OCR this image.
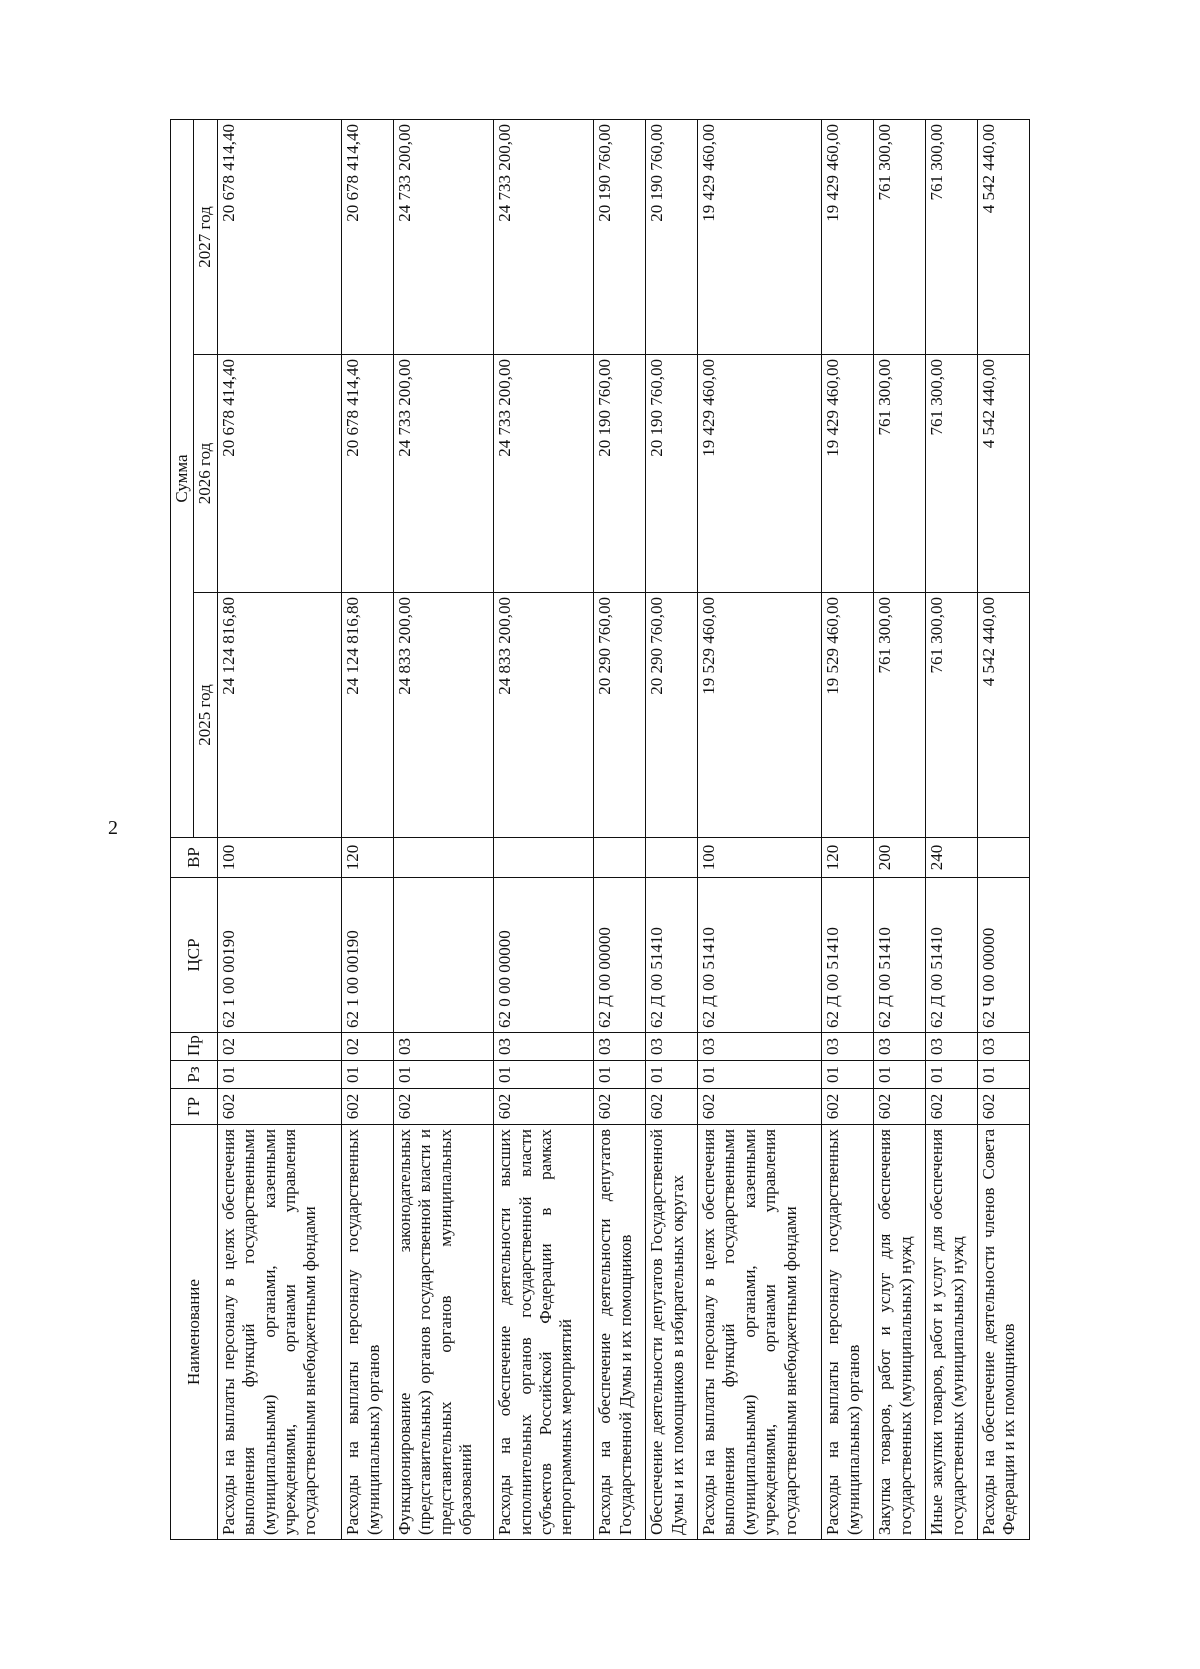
2
Наименование	ГР	Рз	Пр	ЦСР	ВР	Сумма		
						2025 год	2026 год	2027 год
Расходы на выплаты персоналу в целях обеспечения выполнения функций государственными (муниципальными) органами, казенными учреждениями, органами управления государственными внебюджетными фондами	602	01	02	62 1 00 00190	100	24 124 816,80	20 678 414,40	20 678 414,40
Расходы на выплаты персоналу государственных (муниципальных) органов	602	01	02	62 1 00 00190	120	24 124 816,80	20 678 414,40	20 678 414,40
Функционирование законодательных (представительных) органов государственной власти и представительных органов муниципальных образований	602	01	03			24 833 200,00	24 733 200,00	24 733 200,00
Расходы на обеспечение деятельности высших исполнительных органов государственной власти субъектов Российской Федерации в рамках непрограммных мероприятий	602	01	03	62 0 00 00000		24 833 200,00	24 733 200,00	24 733 200,00
Расходы на обеспечение деятельности депутатов Государственной Думы и их помощников	602	01	03	62 Д 00 00000		20 290 760,00	20 190 760,00	20 190 760,00
Обеспечение деятельности депутатов Государственной Думы и их помощников в избирательных округах	602	01	03	62 Д 00 51410		20 290 760,00	20 190 760,00	20 190 760,00
Расходы на выплаты персоналу в целях обеспечения выполнения функций государственными (муниципальными) органами, казенными учреждениями, органами управления государственными внебюджетными фондами	602	01	03	62 Д 00 51410	100	19 529 460,00	19 429 460,00	19 429 460,00
Расходы на выплаты персоналу государственных (муниципальных) органов	602	01	03	62 Д 00 51410	120	19 529 460,00	19 429 460,00	19 429 460,00
Закупка товаров, работ и услуг для обеспечения государственных (муниципальных) нужд	602	01	03	62 Д 00 51410	200	761 300,00	761 300,00	761 300,00
Иные закупки товаров, работ и услуг для обеспечения государственных (муниципальных) нужд	602	01	03	62 Д 00 51410	240	761 300,00	761 300,00	761 300,00
Расходы на обеспечение деятельности членов Совета Федерации и их помощников	602	01	03	62 Ч 00 00000		4 542 440,00	4 542 440,00	4 542 440,00
